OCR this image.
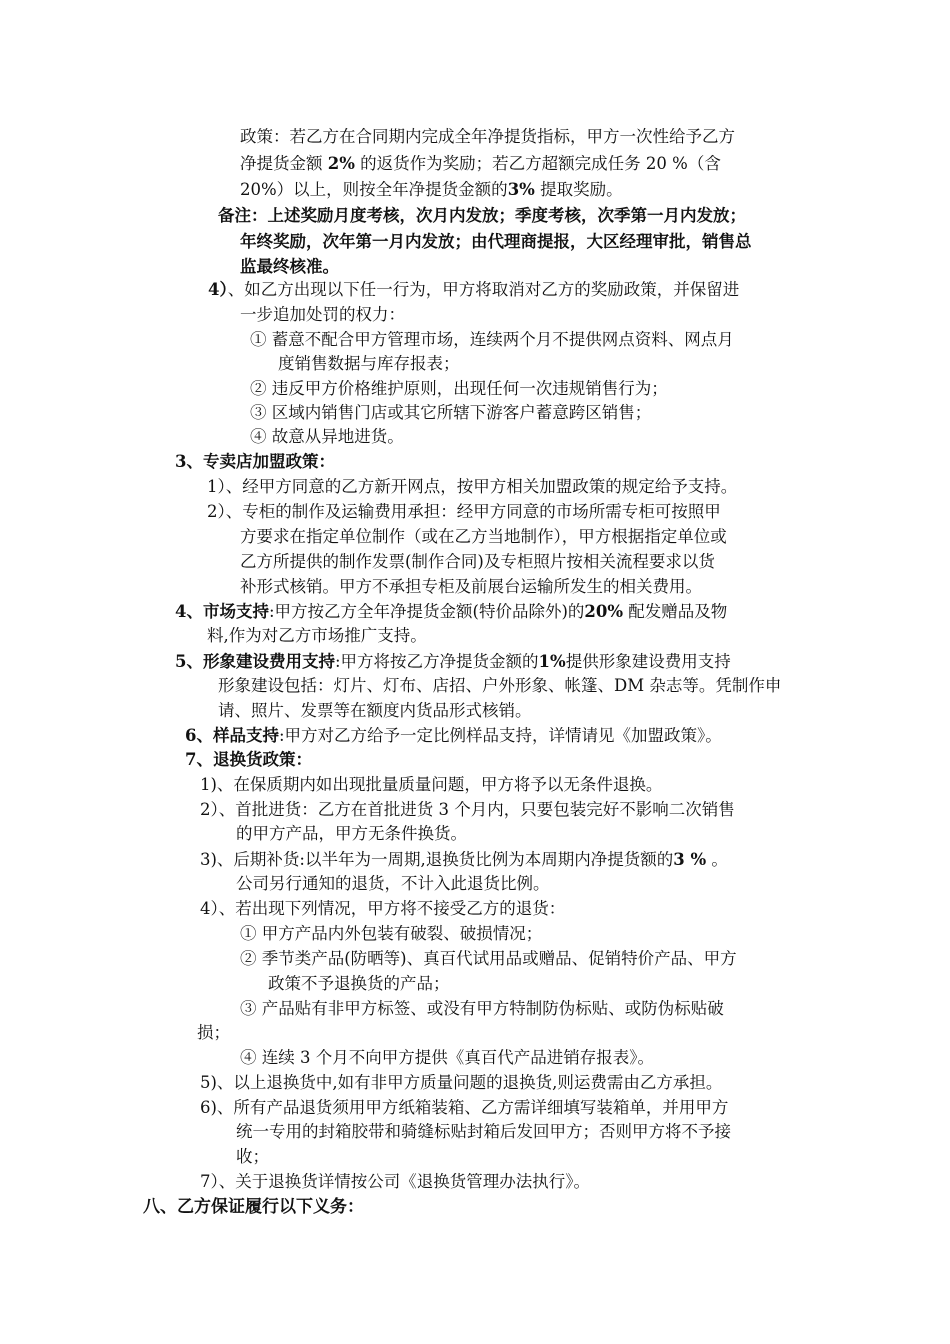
政策：若乙方在合同期内完成全年净提货指标，甲方一次性给予乙方
净提货金额 2% 的返货作为奖励；若乙方超额完成任务 20 %（含
20%）以上，则按全年净提货金额的3% 提取奖励。
备注：上述奖励月度考核，次月内发放；季度考核，次季第一月内发放；
年终奖励，次年第一月内发放；由代理商提报，大区经理审批，销售总
监最终核准。
4）、如乙方出现以下任一行为，甲方将取消对乙方的奖励政策，并保留进
一步追加处罚的权力：
① 蓄意不配合甲方管理市场，连续两个月不提供网点资料、网点月
度销售数据与库存报表；
② 违反甲方价格维护原则，出现任何一次违规销售行为；
③ 区域内销售门店或其它所辖下游客户蓄意跨区销售；
④ 故意从异地进货。
3、专卖店加盟政策：
1）、经甲方同意的乙方新开网点，按甲方相关加盟政策的规定给予支持。
2）、专柜的制作及运输费用承担：经甲方同意的市场所需专柜可按照甲
方要求在指定单位制作（或在乙方当地制作），甲方根据指定单位或
乙方所提供的制作发票(制作合同)及专柜照片按相关流程要求以货
补形式核销。甲方不承担专柜及前展台运输所发生的相关费用。
4、市场支持:甲方按乙方全年净提货金额(特价品除外)的20% 配发赠品及物
料,作为对乙方市场推广支持。
5、形象建设费用支持:甲方将按乙方净提货金额的1%提供形象建设费用支持
形象建设包括：灯片、灯布、店招、户外形象、帐篷、DM 杂志等。凭制作申
请、照片、发票等在额度内货品形式核销。
6、样品支持:甲方对乙方给予一定比例样品支持，详情请见《加盟政策》。
7、退换货政策：
1)、在保质期内如出现批量质量问题，甲方将予以无条件退换。
2）、首批进货：乙方在首批进货 3 个月内，只要包装完好不影响二次销售
的甲方产品，甲方无条件换货。
3)、后期补货:以半年为一周期,退换货比例为本周期内净提货额的3 % 。
公司另行通知的退货，不计入此退货比例。
4）、若出现下列情况，甲方将不接受乙方的退货：
① 甲方产品内外包装有破裂、破损情况；
② 季节类产品(防晒等)、真百代试用品或赠品、促销特价产品、甲方
政策不予退换货的产品；
③ 产品贴有非甲方标签、或没有甲方特制防伪标贴、或防伪标贴破
损；
④ 连续 3 个月不向甲方提供《真百代产品进销存报表》。
5)、以上退换货中,如有非甲方质量问题的退换货,则运费需由乙方承担。
6)、所有产品退货须用甲方纸箱装箱、乙方需详细填写装箱单，并用甲方
统一专用的封箱胶带和骑缝标贴封箱后发回甲方；否则甲方将不予接
收；
7）、关于退换货详情按公司《退换货管理办法执行》。
八、乙方保证履行以下义务：
